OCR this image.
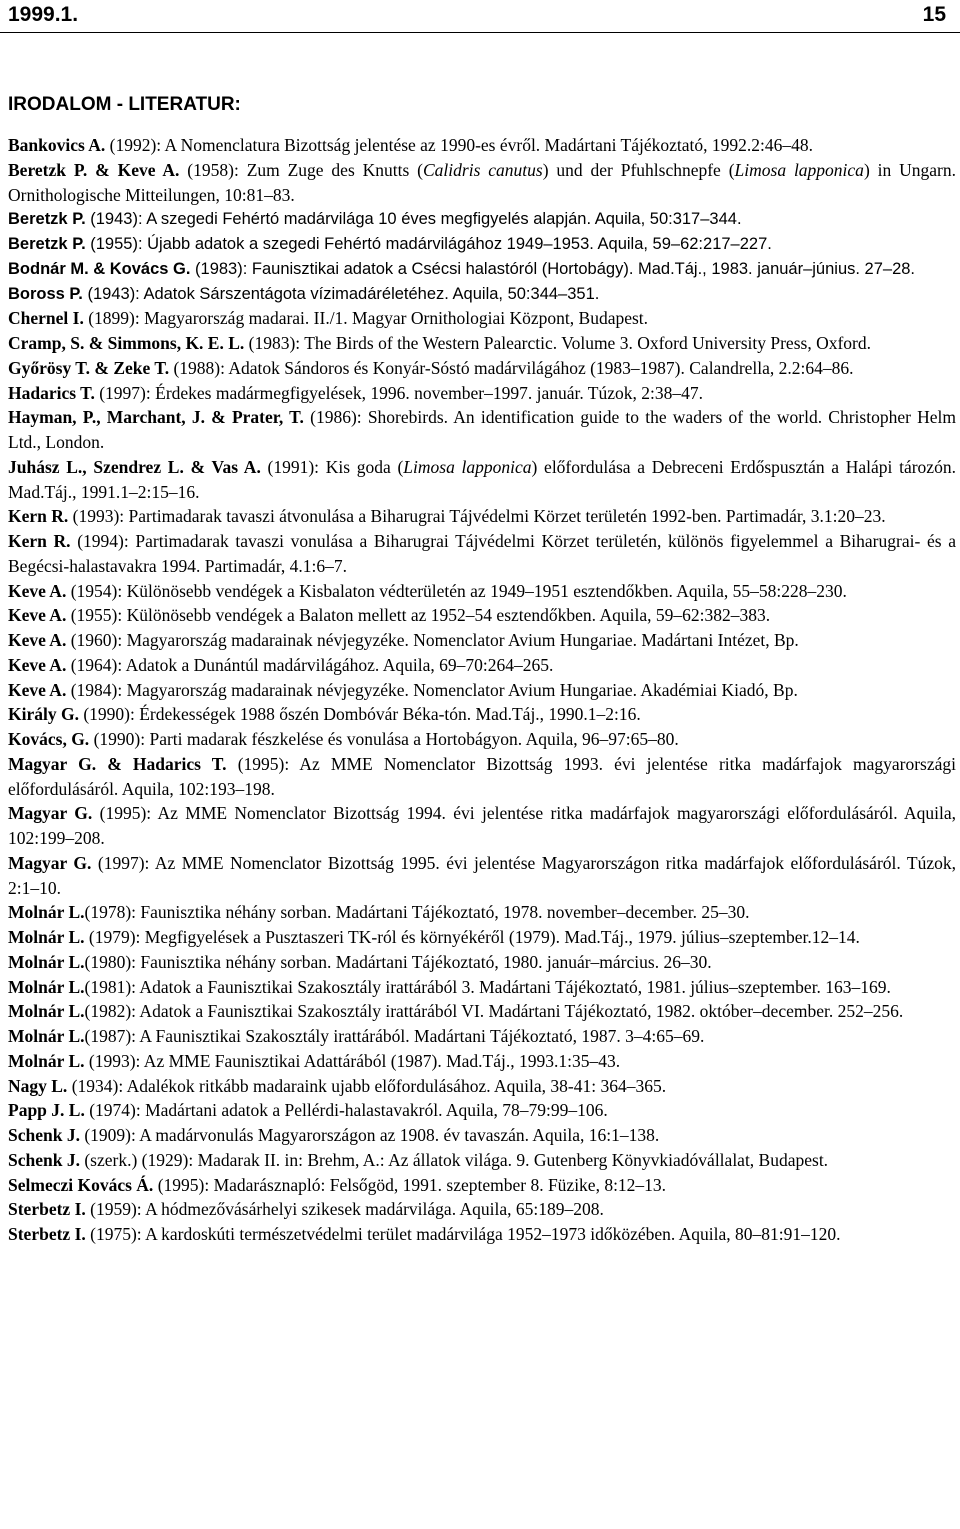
1999.1.	15
IRODALOM - LITERATUR:

Bankovics A. (1992): A Nomenclatura Bizottság jelentése az 1990-es évről. Madártani Tájékoztató, 1992.2:46–48.

Beretzk P. & Keve A. (1958): Zum Zuge des Knutts (Calidris canutus) und der Pfuhlschnepfe (Limosa lapponica) in Ungarn. Ornithologische Mitteilungen, 10:81–83.

Beretzk P. (1943): A szegedi Fehértó madárvilága 10 éves megfigyelés alapján. Aquila, 50:317–344.

Beretzk P. (1955): Újabb adatok a szegedi Fehértó madárvilágához 1949–1953. Aquila, 59–62:217–227.

Bodnár M. & Kovács G. (1983): Faunisztikai adatok a Csécsi halastóról (Hortobágy). Mad.Táj., 1983. január–június. 27–28.

Boross P. (1943): Adatok Sárszentágota vízimadáréletéhez. Aquila, 50:344–351.

Chernel I. (1899): Magyarország madarai. II./1. Magyar Ornithologiai Központ, Budapest.

Cramp, S. & Simmons, K. E. L. (1983): The Birds of the Western Palearctic. Volume 3. Oxford University Press, Oxford.

Győrösy T. & Zeke T. (1988): Adatok Sándoros és Konyár-Sóstó madárvilágához (1983–1987). Calandrella, 2.2:64–86.

Hadarics T. (1997): Érdekes madármegfigyelések, 1996. november–1997. január. Túzok, 2:38–47.

Hayman, P., Marchant, J. & Prater, T. (1986): Shorebirds. An identification guide to the waders of the world. Christopher Helm Ltd., London.

Juhász L., Szendrez L. & Vas A. (1991): Kis goda (Limosa lapponica) előfordulása a Debreceni Erdőspusztán a Halápi tározón. Mad.Táj., 1991.1–2:15–16.

Kern R. (1993): Partimadarak tavaszi átvonulása a Biharugrai Tájvédelmi Körzet területén 1992-ben. Partimadár, 3.1:20–23.

Kern R. (1994): Partimadarak tavaszi vonulása a Biharugrai Tájvédelmi Körzet területén, különös figyelemmel a Biharugrai- és a Begécsi-halastavakra 1994. Partimadár, 4.1:6–7.

Keve A. (1954): Különösebb vendégek a Kisbalaton védterületén az 1949–1951 esztendőkben. Aquila, 55–58:228–230.

Keve A. (1955): Különösebb vendégek a Balaton mellett az 1952–54 esztendőkben. Aquila, 59–62:382–383.

Keve A. (1960): Magyarország madarainak névjegyzéke. Nomenclator Avium Hungariae. Madártani Intézet, Bp.

Keve A. (1964): Adatok a Dunántúl madárvilágához. Aquila, 69–70:264–265.

Keve A. (1984): Magyarország madarainak névjegyzéke. Nomenclator Avium Hungariae. Akadémiai Kiadó, Bp.

Király G. (1990): Érdekességek 1988 őszén Dombóvár Béka-tón. Mad.Táj., 1990.1–2:16.

Kovács, G. (1990): Parti madarak fészkelése és vonulása a Hortobágyon. Aquila, 96–97:65–80.

Magyar G. & Hadarics T. (1995): Az MME Nomenclator Bizottság 1993. évi jelentése ritka madárfajok magyarországi előfordulásáról. Aquila, 102:193–198.

Magyar G. (1995): Az MME Nomenclator Bizottság 1994. évi jelentése ritka madárfajok magyarországi előfordulásáról. Aquila, 102:199–208.

Magyar G. (1997): Az MME Nomenclator Bizottság 1995. évi jelentése Magyarországon ritka madárfajok előfordulásáról. Túzok, 2:1–10.

Molnár L.(1978): Faunisztika néhány sorban. Madártani Tájékoztató, 1978. november–december. 25–30.

Molnár L. (1979): Megfigyelések a Pusztaszeri TK-ról és környékéről (1979). Mad.Táj., 1979. július–szeptember.12–14.

Molnár L.(1980): Faunisztika néhány sorban. Madártani Tájékoztató, 1980. január–március. 26–30.

Molnár L.(1981): Adatok a Faunisztikai Szakosztály irattárából 3. Madártani Tájékoztató, 1981. július–szeptember. 163–169.

Molnár L.(1982): Adatok a Faunisztikai Szakosztály irattárából VI. Madártani Tájékoztató, 1982. október–december. 252–256.

Molnár L.(1987): A Faunisztikai Szakosztály irattárából. Madártani Tájékoztató, 1987. 3–4:65–69.

Molnár L. (1993): Az MME Faunisztikai Adattárából (1987). Mad.Táj., 1993.1:35–43.

Nagy L. (1934): Adalékok ritkább madaraink ujabb előfordulásához. Aquila, 38-41: 364–365.

Papp J. L. (1974): Madártani adatok a Pellérdi-halastavakról. Aquila, 78–79:99–106.

Schenk J. (1909): A madárvonulás Magyarországon az 1908. év tavaszán. Aquila, 16:1–138.

Schenk J. (szerk.) (1929): Madarak II. in: Brehm, A.: Az állatok világa. 9. Gutenberg Könyvkiadóvállalat, Budapest.

Selmeczi Kovács Á. (1995): Madarásznapló: Felsőgöd, 1991. szeptember 8. Füzike, 8:12–13.

Sterbetz I. (1959): A hódmezővásárhelyi szikesek madárvilága. Aquila, 65:189–208.

Sterbetz I. (1975): A kardoskúti természetvédelmi terület madárvilága 1952–1973 időközében. Aquila, 80–81:91–120.
